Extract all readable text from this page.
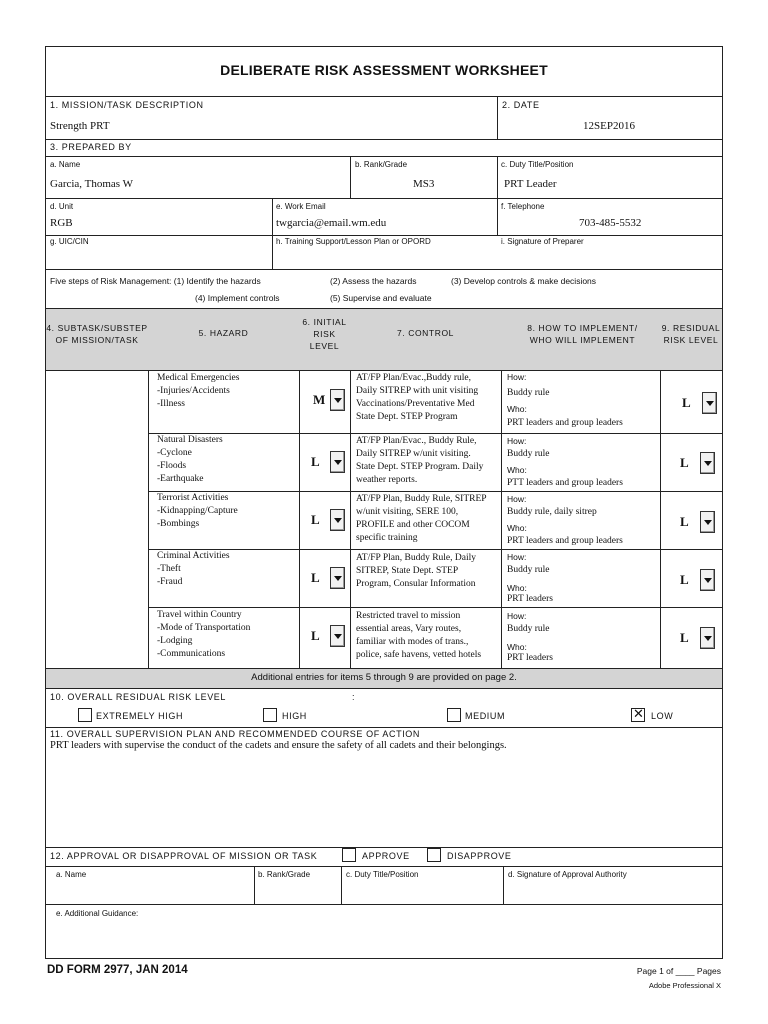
DELIBERATE RISK ASSESSMENT WORKSHEET
1. MISSION/TASK DESCRIPTION
Strength PRT
2. DATE
12SEP2016
3. PREPARED BY
a. Name
Garcia, Thomas W
b. Rank/Grade
MS3
c. Duty Title/Position
PRT Leader
d. Unit
RGB
e. Work Email
twgarcia@email.wm.edu
f. Telephone
703-485-5532
g. UIC/CIN	h. Training Support/Lesson Plan or OPORD	i. Signature of Preparer
Five steps of Risk Management: (1) Identify the hazards	(2) Assess the hazards	(3) Develop controls & make decisions
(4) Implement controls	(5) Supervise and evaluate
4. SUBTASK/SUBSTEP OF MISSION/TASK
5. HAZARD
6. INITIAL RISK LEVEL
7. CONTROL	8. HOW TO IMPLEMENT/ WHO WILL IMPLEMENT
9. RESIDUAL RISK LEVEL
Medical Emergencies
-Injuries/Accidents
-Illness	M
AT/FP Plan/Evac.,Buddy rule,
Daily SITREP with unit visiting
Vaccinations/Preventative Med
State Dept. STEP Program
How:
Buddy rule
Who:
PRT leaders and group leaders
L
Natural Disasters
-Cyclone
-Floods
-Earthquake
L
AT/FP Plan/Evac., Buddy Rule,
Daily SITREP w/unit visiting.
State Dept. STEP Program. Daily
weather reports.
How:
Buddy rule
Who:
PTT leaders and group leaders
L
Terrorist Activities
-Kidnapping/Capture
-Bombings	L
AT/FP Plan, Buddy Rule, SITREP
w/unit visiting, SERE 100,
PROFILE and other COCOM
specific training
How:
Buddy rule, daily sitrep
Who:
PRT leaders and group leaders
L
Criminal Activities
-Theft
-Fraud	L
AT/FP Plan, Buddy Rule, Daily
SITREP, State Dept. STEP
Program, Consular Information
How:
Buddy rule
Who:
PRT leaders
L
Travel within Country
-Mode of Transportation
-Lodging
-Communications
L
Restricted travel to mission
essential areas, Vary routes,
familiar with modes of trans.,
police, safe havens, vetted hotels
How:
Buddy rule
Who:
PRT leaders
L
Additional entries for items 5 through 9 are provided on page 2.
10. OVERALL RESIDUAL RISK LEVEL	:
EXTREMELY HIGH	HIGH	MEDIUM	✕ LOW
11. OVERALL SUPERVISION PLAN AND RECOMMENDED COURSE OF ACTION
PRT leaders with supervise the conduct of the cadets and ensure the safety of all cadets and their belongings.
12. APPROVAL OR DISAPPROVAL OF MISSION OR TASK	APPROVE	DISAPPROVE
a. Name	b. Rank/Grade	c. Duty Title/Position	d. Signature of Approval Authority
e. Additional Guidance:
DD FORM 2977, JAN 2014	Page 1 of ____ Pages
Adobe Professional X
